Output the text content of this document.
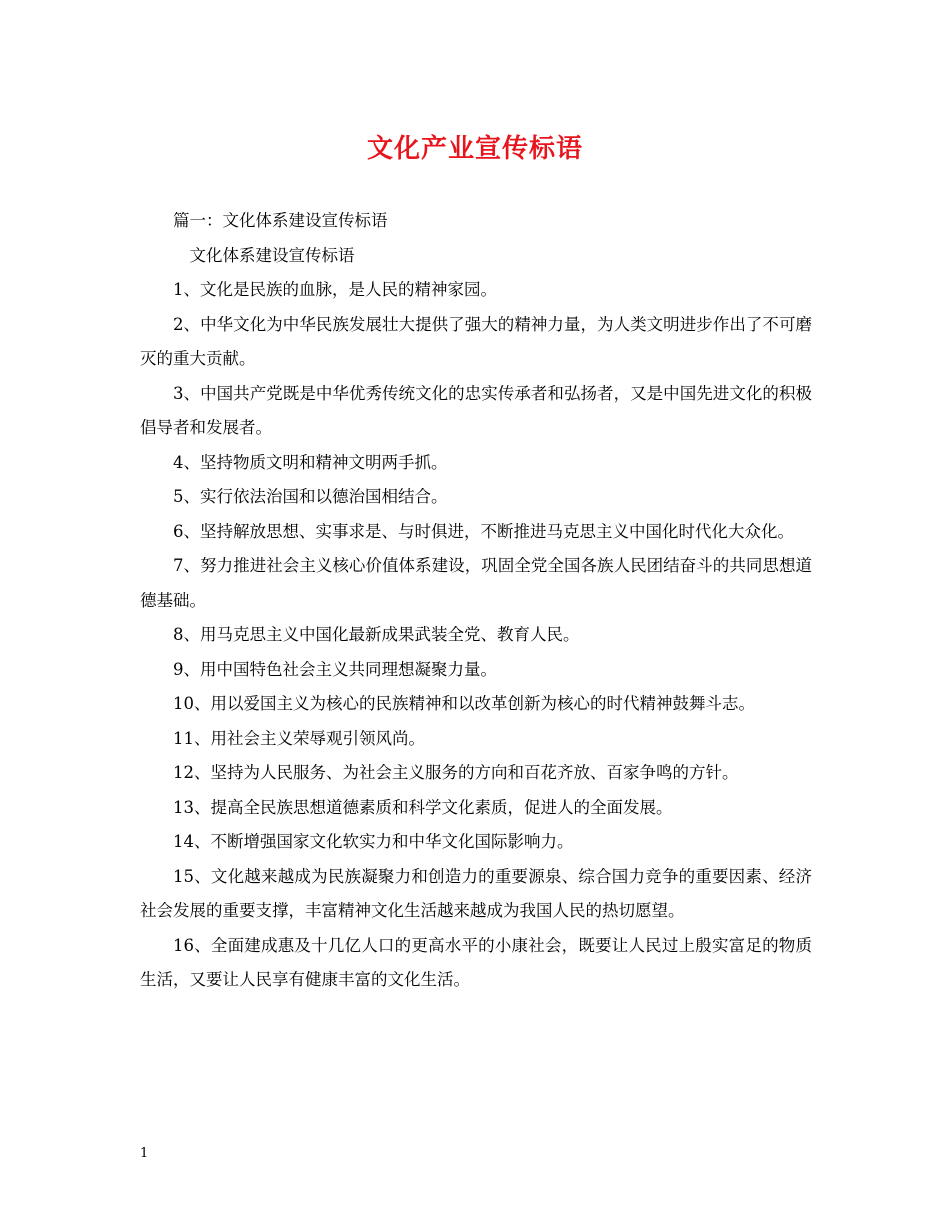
文化产业宣传标语

篇一：文化体系建设宣传标语

文化体系建设宣传标语

1、文化是民族的血脉，是人民的精神家园。

2、中华文化为中华民族发展壮大提供了强大的精神力量，为人类文明进步作出了不可磨灭的重大贡献。

3、中国共产党既是中华优秀传统文化的忠实传承者和弘扬者，又是中国先进文化的积极倡导者和发展者。

4、坚持物质文明和精神文明两手抓。

5、实行依法治国和以德治国相结合。

6、坚持解放思想、实事求是、与时俱进，不断推进马克思主义中国化时代化大众化。

7、努力推进社会主义核心价值体系建设，巩固全党全国各族人民团结奋斗的共同思想道德基础。

8、用马克思主义中国化最新成果武装全党、教育人民。

9、用中国特色社会主义共同理想凝聚力量。

10、用以爱国主义为核心的民族精神和以改革创新为核心的时代精神鼓舞斗志。

11、用社会主义荣辱观引领风尚。

12、坚持为人民服务、为社会主义服务的方向和百花齐放、百家争鸣的方针。

13、提高全民族思想道德素质和科学文化素质，促进人的全面发展。

14、不断增强国家文化软实力和中华文化国际影响力。

15、文化越来越成为民族凝聚力和创造力的重要源泉、综合国力竞争的重要因素、经济社会发展的重要支撑，丰富精神文化生活越来越成为我国人民的热切愿望。

16、全面建成惠及十几亿人口的更高水平的小康社会，既要让人民过上殷实富足的物质生活，又要让人民享有健康丰富的文化生活。

1
